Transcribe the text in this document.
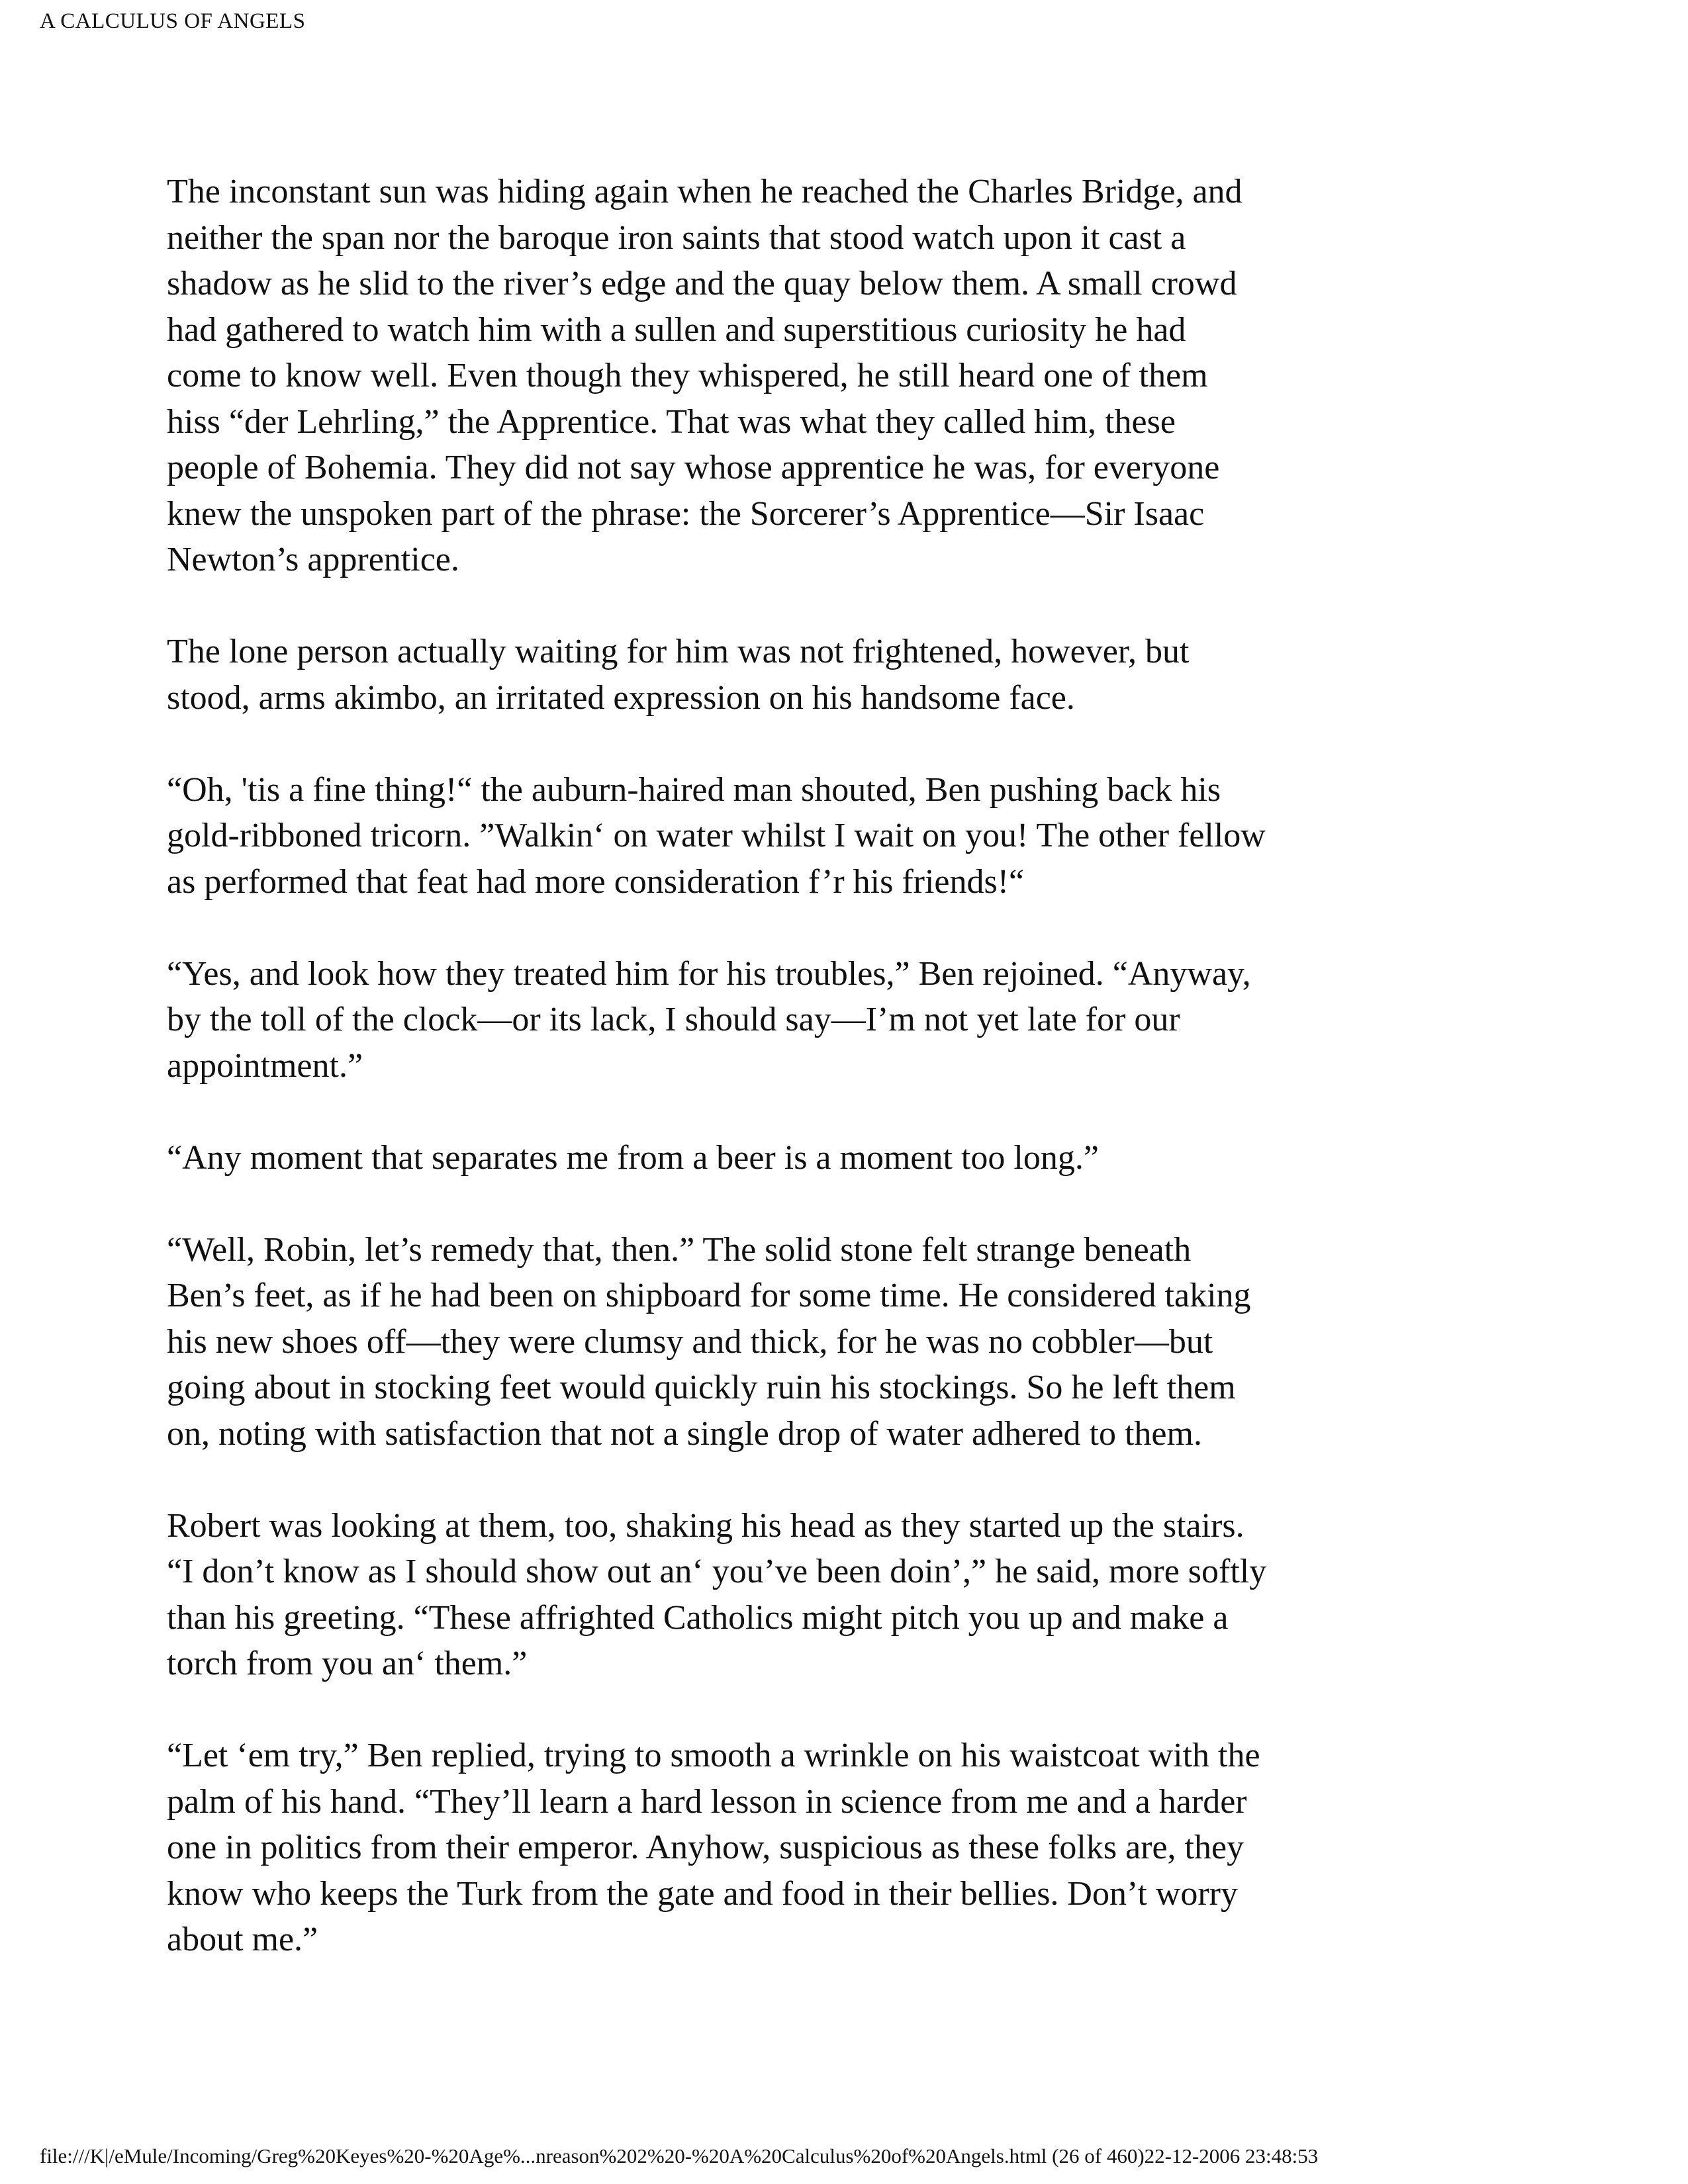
A CALCULUS OF ANGELS

The inconstant sun was hiding again when he reached the Charles Bridge, and
neither the span nor the baroque iron saints that stood watch upon it cast a
shadow as he slid to the river’s edge and the quay below them. A small crowd
had gathered to watch him with a sullen and superstitious curiosity he had
come to know well. Even though they whispered, he still heard one of them
hiss “der Lehrling,” the Apprentice. That was what they called him, these
people of Bohemia. They did not say whose apprentice he was, for everyone
knew the unspoken part of the phrase: the Sorcerer’s Apprentice—Sir Isaac
Newton’s apprentice.

The lone person actually waiting for him was not frightened, however, but
stood, arms akimbo, an irritated expression on his handsome face.

“Oh, 'tis a fine thing!“ the auburn-haired man shouted, Ben pushing back his
gold-ribboned tricorn. ”Walkin‘ on water whilst I wait on you! The other fellow
as performed that feat had more consideration f’r his friends!“

“Yes, and look how they treated him for his troubles,” Ben rejoined. “Anyway,
by the toll of the clock—or its lack, I should say—I’m not yet late for our
appointment.”

“Any moment that separates me from a beer is a moment too long.”

“Well, Robin, let’s remedy that, then.” The solid stone felt strange beneath
Ben’s feet, as if he had been on shipboard for some time. He considered taking
his new shoes off—they were clumsy and thick, for he was no cobbler—but
going about in stocking feet would quickly ruin his stockings. So he left them
on, noting with satisfaction that not a single drop of water adhered to them.

Robert was looking at them, too, shaking his head as they started up the stairs.
“I don’t know as I should show out an‘ you’ve been doin’,” he said, more softly
than his greeting. “These affrighted Catholics might pitch you up and make a
torch from you an‘ them.”

“Let ‘em try,” Ben replied, trying to smooth a wrinkle on his waistcoat with the
palm of his hand. “They’ll learn a hard lesson in science from me and a harder
one in politics from their emperor. Anyhow, suspicious as these folks are, they
know who keeps the Turk from the gate and food in their bellies. Don’t worry
about me.”

file:///K|/eMule/Incoming/Greg%20Keyes%20-%20Age%...nreason%202%20-%20A%20Calculus%20of%20Angels.html (26 of 460)22-12-2006 23:48:53
